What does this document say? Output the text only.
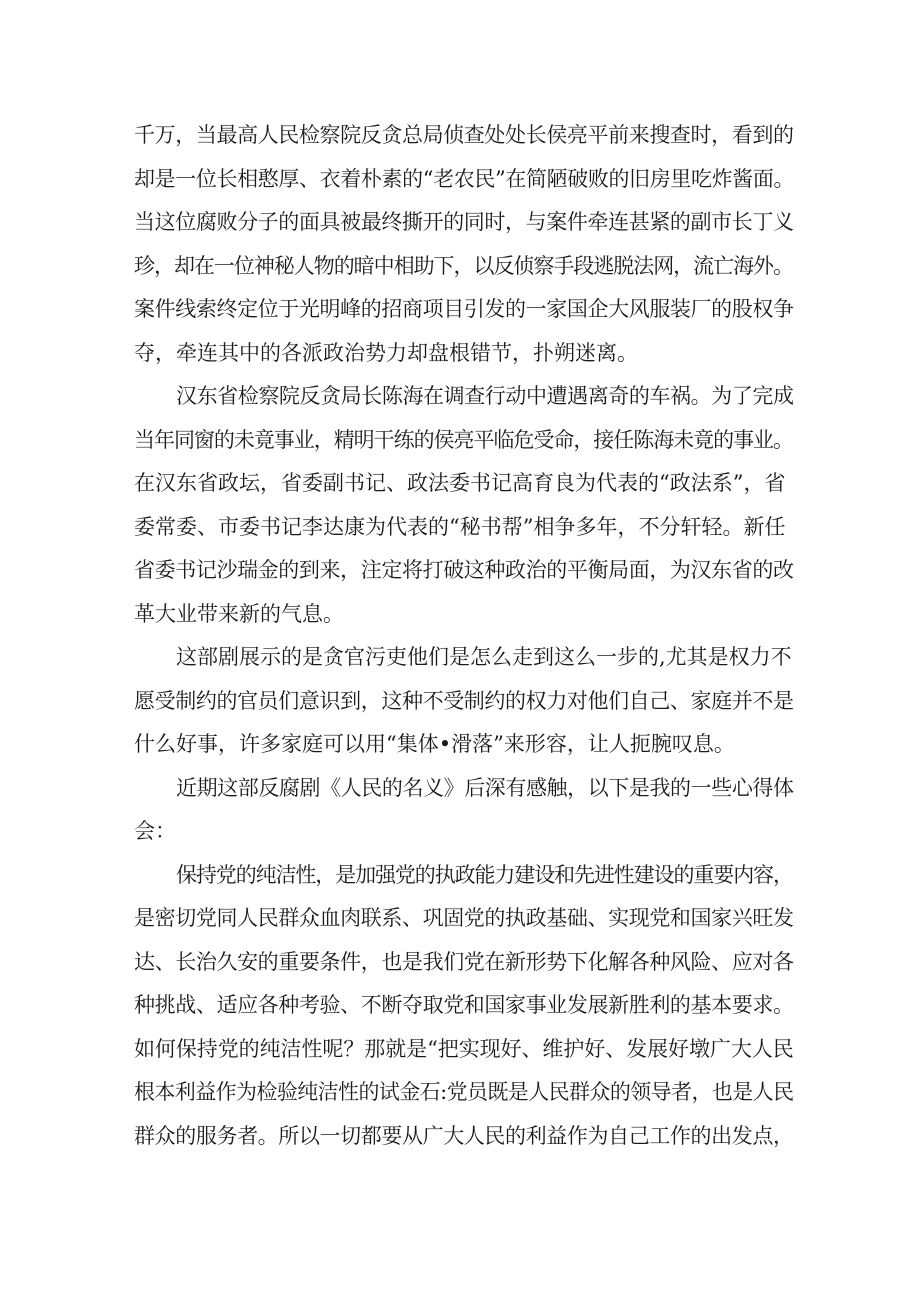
千万，当最高人民检察院反贪总局侦查处处长侯亮平前来搜查时，看到的
却是一位长相憨厚、衣着朴素的“老农民”在简陋破败的旧房里吃炸酱面。
当这位腐败分子的面具被最终撕开的同时，与案件牵连甚紧的副市长丁义
珍，却在一位神秘人物的暗中相助下，以反侦察手段逃脱法网，流亡海外。
案件线索终定位于光明峰的招商项目引发的一家国企大风服装厂的股权争
夺，牵连其中的各派政治势力却盘根错节，扑朔迷离。
汉东省检察院反贪局长陈海在调查行动中遭遇离奇的车祸。为了完成
当年同窗的未竟事业，精明干练的侯亮平临危受命，接任陈海未竟的事业。
在汉东省政坛，省委副书记、政法委书记高育良为代表的“政法系”，省
委常委、市委书记李达康为代表的“秘书帮”相争多年，不分轩轻。新任
省委书记沙瑞金的到来，注定将打破这种政治的平衡局面，为汉东省的改
革大业带来新的气息。
这部剧展示的是贪官污吏他们是怎么走到这么一步的,尤其是权力不
愿受制约的官员们意识到，这种不受制约的权力对他们自己、家庭并不是
什么好事，许多家庭可以用“集体•滑落”来形容，让人扼腕叹息。
近期这部反腐剧《人民的名义》后深有感触，以下是我的一些心得体
会：
保持党的纯洁性，是加强党的执政能力建设和先进性建设的重要内容，
是密切党同人民群众血肉联系、巩固党的执政基础、实现党和国家兴旺发
达、长治久安的重要条件，也是我们党在新形势下化解各种风险、应对各
种挑战、适应各种考验、不断夺取党和国家事业发展新胜利的基本要求。
如何保持党的纯洁性呢？那就是“把实现好、维护好、发展好墩广大人民
根本利益作为检验纯洁性的试金石:党员既是人民群众的领导者，也是人民
群众的服务者。所以一切都要从广大人民的利益作为自己工作的出发点，
